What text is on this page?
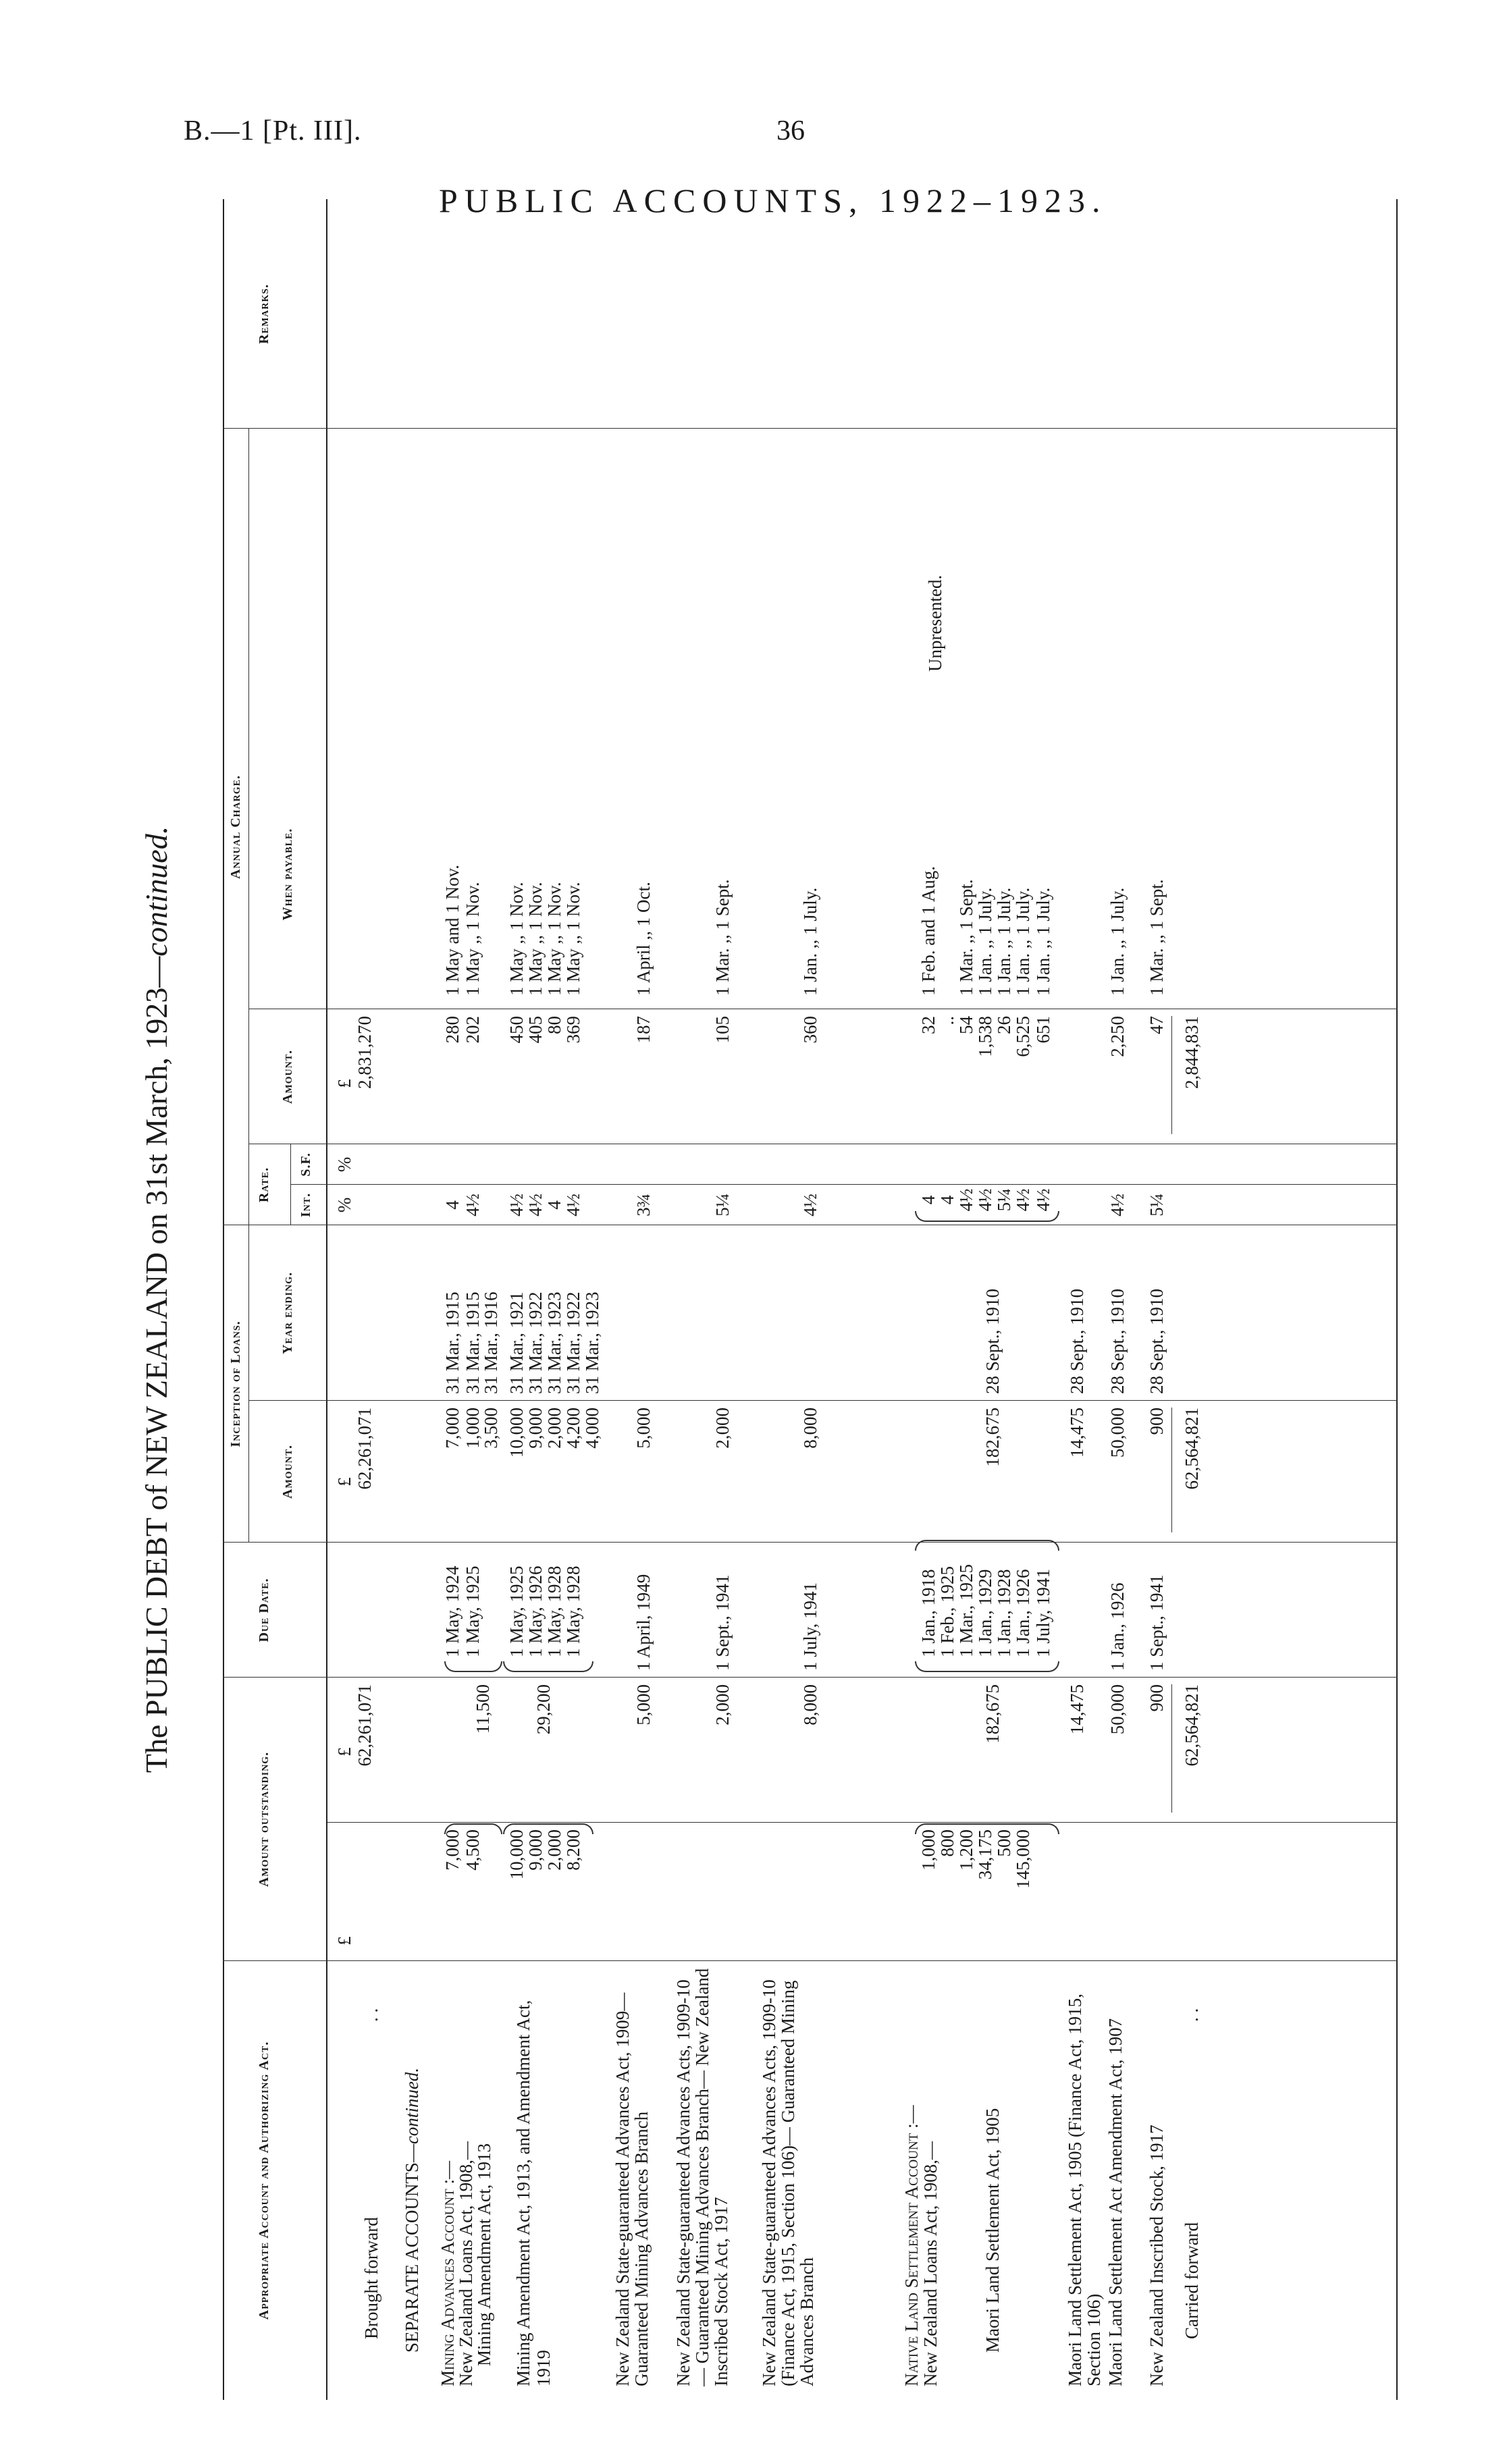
B.—1 [Pt. III].	36
PUBLIC ACCOUNTS, 1922–1923.
The PUBLIC DEBT of NEW ZEALAND on 31st March, 1923—continued.
Appropriate Account and Authorizing Act.
Amount outstanding.
Due Date.
Inception of Loans.
Amount.
Year ending.
Annual Charge.
Rate.
Int.
S.F.
Amount.
When payable.
Remarks.
£
£
£
%
%
£
Brought forward
. .
62,261,071
62,261,071
2,831,270
SEPARATE ACCOUNTS—continued.
Mining Advances Account :—
New Zealand Loans Act, 1908,—
Mining Amendment Act, 1913 Mining Amendment Act, 1913, and Amendment Act, 1919
11,500 29,200
New Zealand State-guaranteed Advances Act, 1909— Guaranteed Mining Advances Branch
5,000
1 April, 1949
5,000
3¾
187
1 April ,, 1 Oct.
New Zealand State-guaranteed Advances Acts, 1909-10— Guaranteed Mining Advances Branch— New Zealand Inscribed Stock Act, 1917
2,000
1 Sept., 1941
2,000
5¼
105
1 Mar. ,, 1 Sept.
New Zealand State-guaranteed Advances Acts, 1909-10 (Finance Act, 1915, Section 106)— Guaranteed Mining Advances Branch
8,000
1 July, 1941
8,000
4½
360
1 Jan. ,, 1 July.
Native Land Settlement Account :—
New Zealand Loans Act, 1908,— Maori Land Settlement Act, 1905
182,675
182,675
28 Sept., 1910
Unpresented.
Maori Land Settlement Act, 1905 (Finance Act, 1915, Section 106)
14,475
14,475
28 Sept., 1910
Maori Land Settlement Act Amendment Act, 1907
50,000
1 Jan., 1926
50,000
28 Sept., 1910
4½
2,250
1 Jan. ,, 1 July.
New Zealand Inscribed Stock, 1917
900
1 Sept., 1941
900
28 Sept., 1910
5¼
47
1 Mar. ,, 1 Sept.
Carried forward
. .
62,564,821
62,564,821
2,844,831
7,000
1 May, 1924
7,000
31 Mar., 1915
4
280
1 May and 1 Nov.
4,500
1 May, 1925
1,000
31 Mar., 1915
4½
202
1 May ,, 1 Nov.
3,500
31 Mar., 1916
10,000
1 May, 1925
10,000
31 Mar., 1921
4½
450
1 May ,, 1 Nov.
9,000
1 May, 1926
9,000
31 Mar., 1922
4½
405
1 May ,, 1 Nov.
2,000
1 May, 1928
2,000
31 Mar., 1923
4
80
1 May ,, 1 Nov.
8,200
1 May, 1928
4,200
31 Mar., 1922
4½
369
1 May ,, 1 Nov.
4,000
31 Mar., 1923
1,000
1 Jan., 1918
4
32
1 Feb. and 1 Aug.
800
1 Feb., 1925
4
..
1,200
1 Mar., 1925
4½
54
1 Mar. ,, 1 Sept.
34,175
1 Jan., 1929
4½
1,538
1 Jan. ,, 1 July.
500
1 Jan., 1928
5¼
26
1 Jan. ,, 1 July.
145,000
1 Jan., 1926
4½
6,525
1 Jan. ,, 1 July.
1 July, 1941
4½
651
1 Jan. ,, 1 July.
